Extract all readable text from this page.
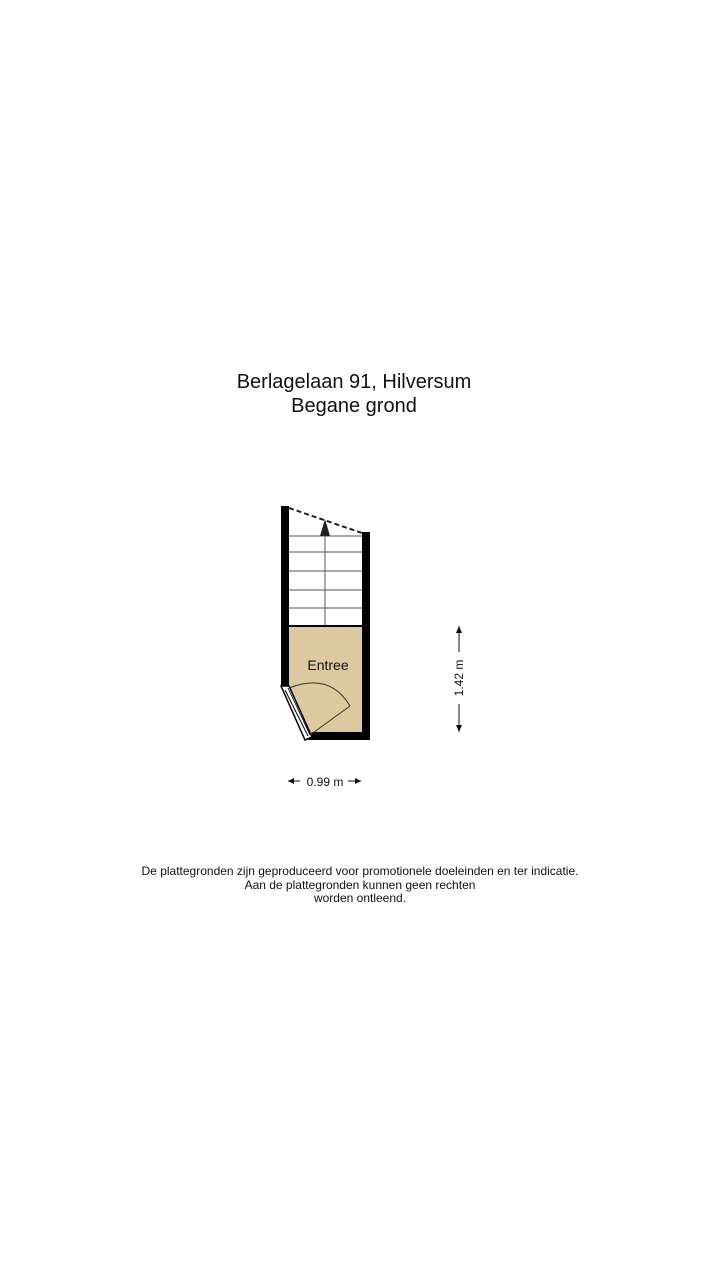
Berlagelaan 91, Hilversum
Begane grond
Entree
0.99 m
1.42 m
De plattegronden zijn geproduceerd voor promotionele doeleinden en ter indicatie.
Aan de plattegronden kunnen geen rechten
worden ontleend.
